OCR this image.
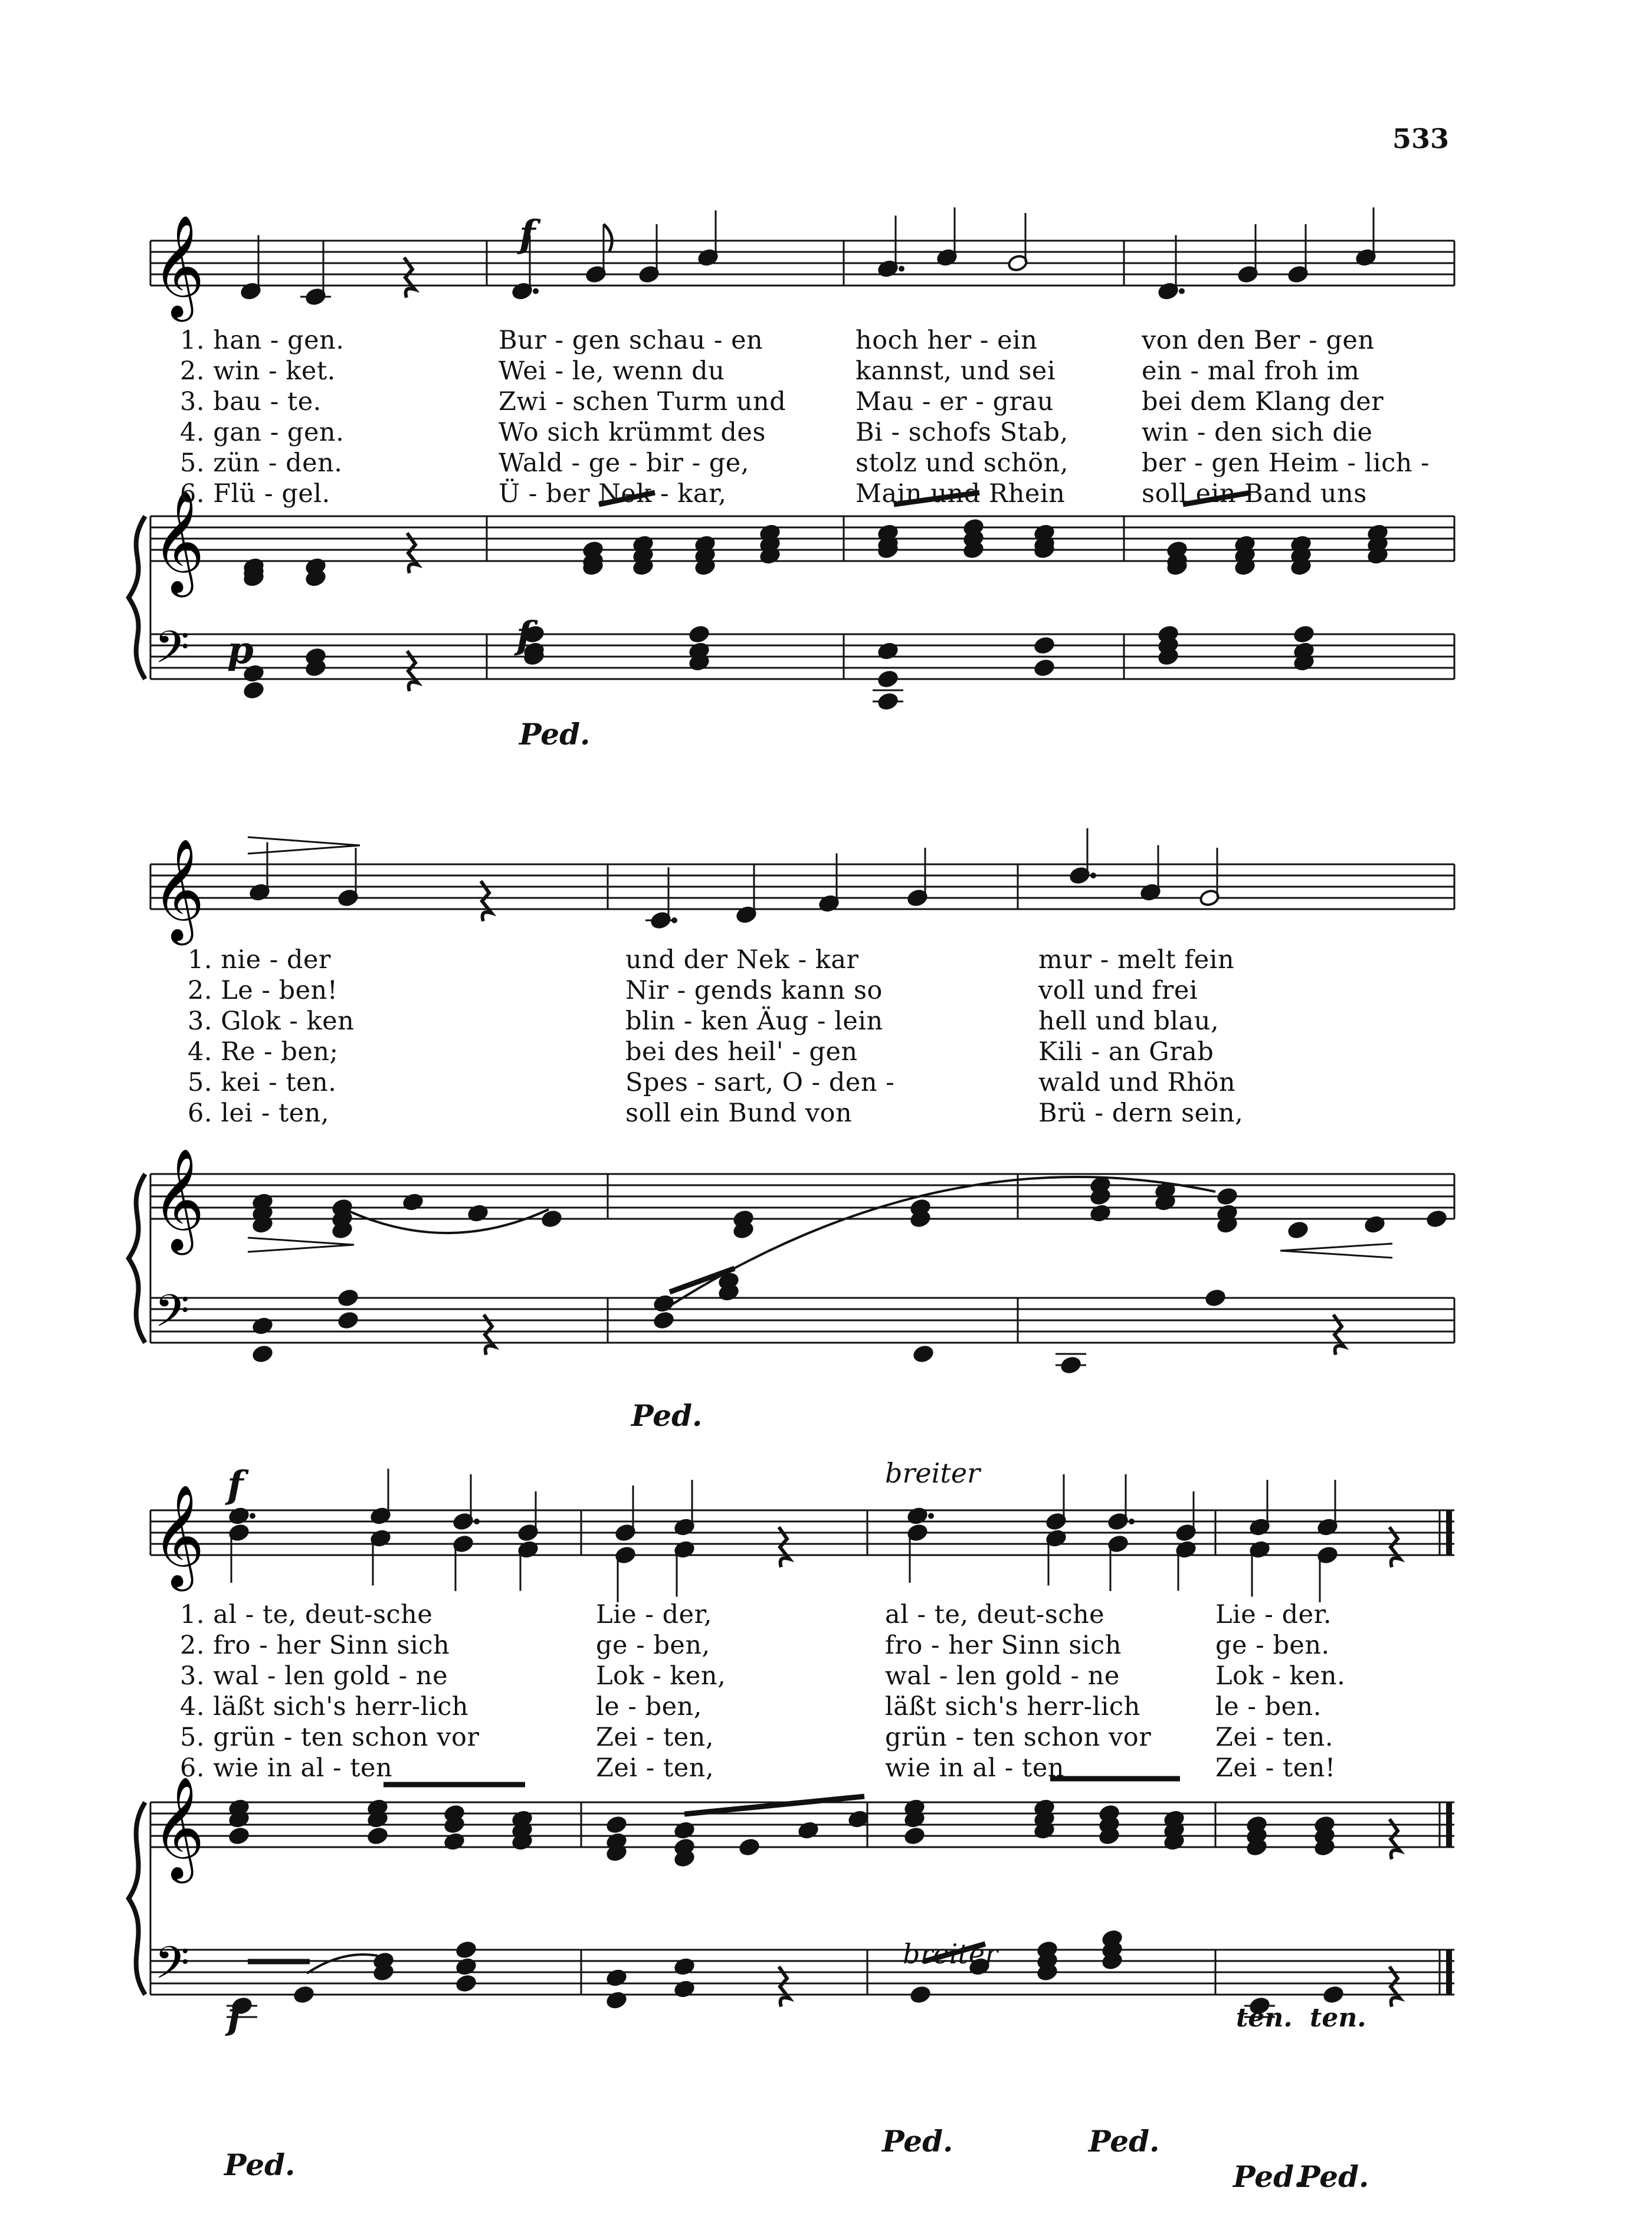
𝄞
𝄞
𝄢
𝄞
𝄞
𝄢
𝄞
𝄞
𝄢
533
1. han - gen.	Bur - gen schau - en	hoch her - ein	von den Ber - gen
2. win - ket.	Wei - le, wenn du	kannst, und sei	ein - mal froh im
3. bau - te.	Zwi - schen Turm und	Mau - er - grau	bei dem Klang der
4. gan - gen.	Wo sich krümmt des	Bi - schofs Stab,	win - den sich die
5. zün - den.	Wald - ge - bir - ge,	stolz und schön,	ber - gen Heim - lich -
6. Flü - gel.	Ü - ber Nek - kar,	Main und Rhein	soll ein Band uns
1. nie - der	und der Nek - kar	mur - melt fein
2. Le - ben!	Nir - gends kann so	voll und frei
3. Glok - ken	blin - ken Äug - lein	hell und blau,
4. Re - ben;	bei des heil' - gen	Kili - an Grab
5. kei - ten.	Spes - sart, O - den -	wald und Rhön
6. lei - ten,	soll ein Bund von	Brü - dern sein,
1. al - te, deut-sche	Lie - der,	al - te, deut-sche	Lie - der.
2. fro - her Sinn sich	ge - ben,	fro - her Sinn sich	ge - ben.
3. wal - len gold - ne	Lok - ken,	wal - len gold - ne	Lok - ken.
4. läßt sich's herr-lich	le - ben,	läßt sich's herr-lich	le - ben.
5. grün - ten schon vor	Zei - ten,	grün - ten schon vor	Zei - ten.
6. wie in al - ten	Zei - ten,	wie in al - ten	Zei - ten!
f
p	f
Ped.
Ped.
breiter
f
f
breiter
ten. ten.
Ped.
Ped.	Ped.
Ped.
Ped.
